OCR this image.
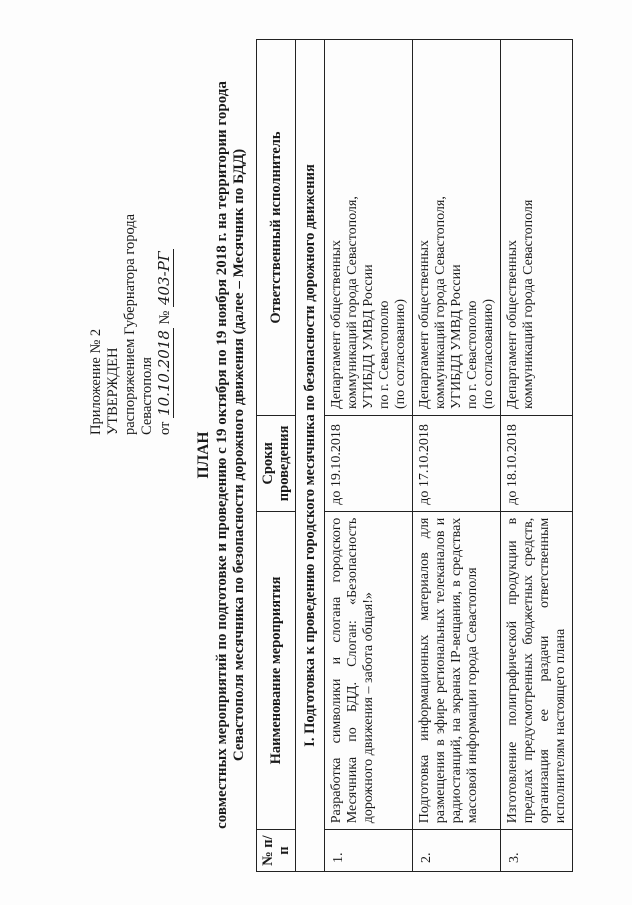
Приложение № 2 УТВЕРЖДЕН распоряжением Губернатора города Севастополя от 10.10.2018 № 403-РГ
ПЛАН совместных мероприятий по подготовке и проведению с 19 октября по 19 ноября 2018 г. на территории города Севастополя месячника по безопасности дорожного движения (далее – Месячник по БДД)
№ п/п	Наименование мероприятия	Сроки проведения	Ответственный исполнитель
I. Подготовка к проведению городского месячника по безопасности дорожного движения			
1.	Разработка символики и слогана городского Месячника по БДД. Слоган: «Безопасность дорожного движения – забота общая!»	до 19.10.2018	Департамент общественных коммуникаций города Севастополя, УГИБДД УМВД России по г. Севастополю (по согласованию)

2.	Подготовка информационных материалов для размещения в эфире региональных телеканалов и радиостанций, на экранах IP-вещания, в средствах массовой информации города Севастополя	до 17.10.2018	Департамент общественных коммуникаций города Севастополя, УГИБДД УМВД России по г. Севастополю (по согласованию)

3.	Изготовление полиграфической продукции в пределах предусмотренных бюджетных средств, организация ее раздачи ответственным исполнителям настоящего плана	до 18.10.2018	Департамент общественных коммуникаций города Севастополя
